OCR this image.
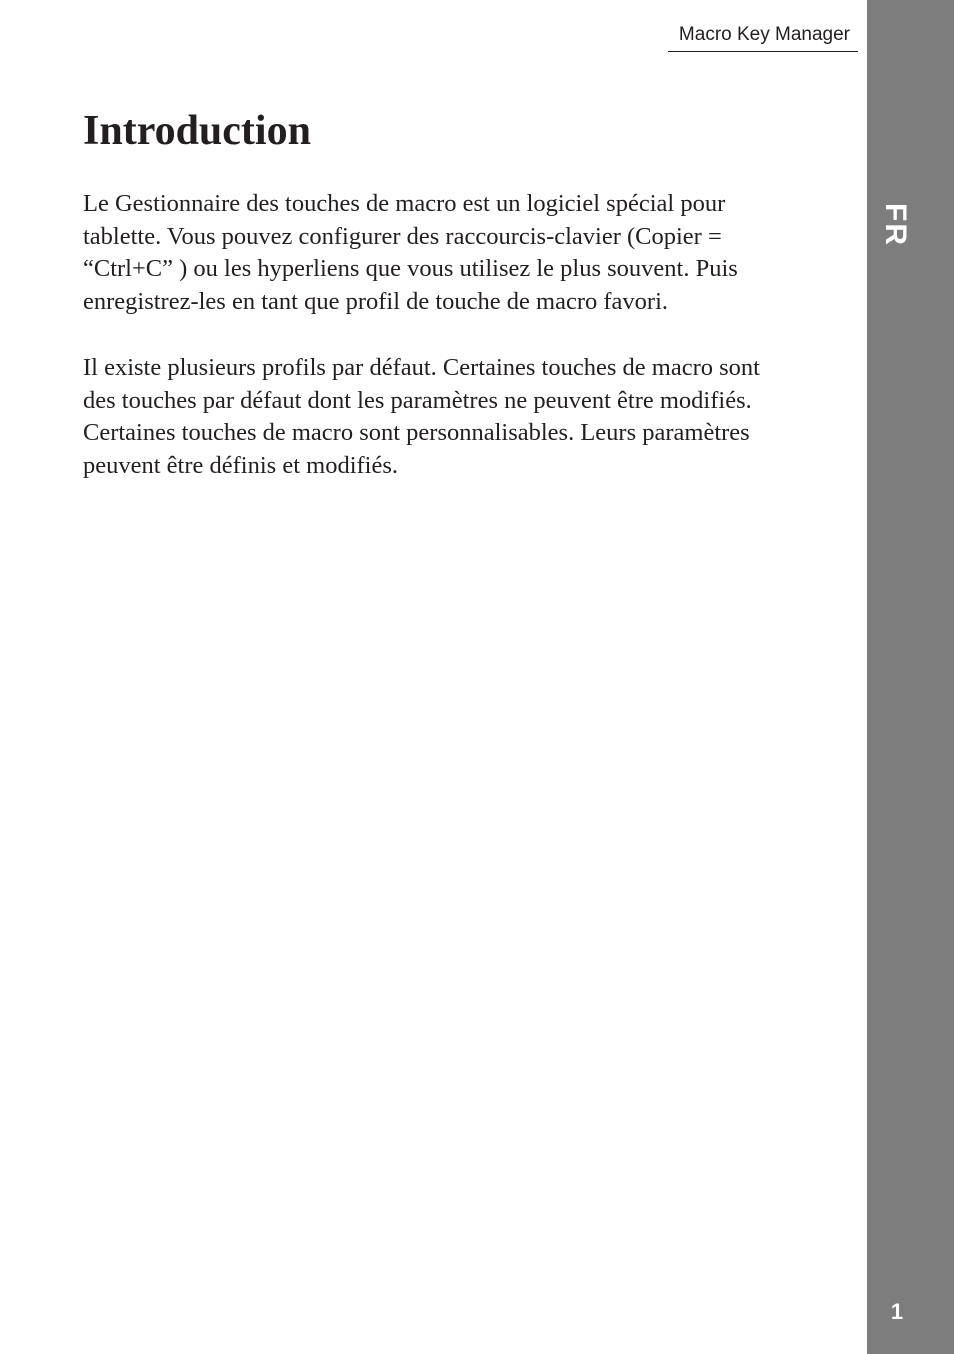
Macro Key Manager
FR
1
Introduction

Le Gestionnaire des touches de macro est un logiciel spécial pour
tablette. Vous pouvez configurer des raccourcis-clavier (Copier =
“Ctrl+C” ) ou les hyperliens que vous utilisez le plus souvent. Puis
enregistrez-les en tant que profil de touche de macro favori.

Il existe plusieurs profils par défaut. Certaines touches de macro sont
des touches par défaut dont les paramètres ne peuvent être modifiés.
Certaines touches de macro sont personnalisables. Leurs paramètres
peuvent être définis et modifiés.
